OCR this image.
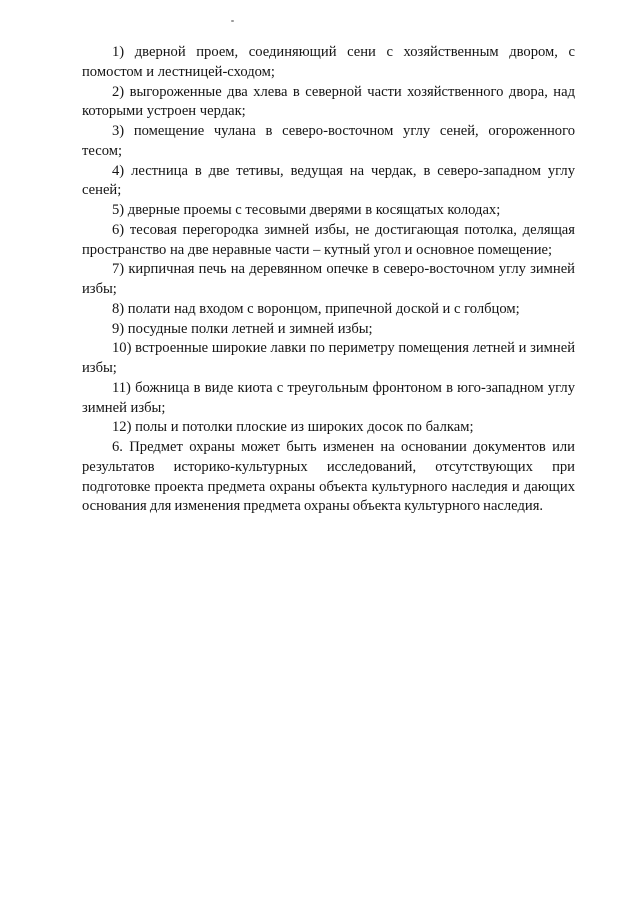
1) дверной проем, соединяющий сени с хозяйственным двором, с помостом и лестницей-сходом;

2) выгороженные два хлева в северной части хозяйственного двора, над которыми устроен чердак;

3) помещение чулана в северо-восточном углу сеней, огороженного тесом;

4) лестница в две тетивы, ведущая на чердак, в северо-западном углу сеней;

5) дверные проемы с тесовыми дверями в косящатых колодах;

6) тесовая перегородка зимней избы, не достигающая потолка, делящая пространство на две неравные части – кутный угол и основное помещение;

7) кирпичная печь на деревянном опечке в северо-восточном углу зимней избы;

8) полати над входом с воронцом, припечной доской и с голбцом;

9) посудные полки летней и зимней избы;

10) встроенные широкие лавки по периметру помещения летней и зимней избы;

11) божница в виде киота с треугольным фронтоном в юго-западном углу зимней избы;

12) полы и потолки плоские из широких досок по балкам;

6. Предмет охраны может быть изменен на основании документов или результатов историко-культурных исследований, отсутствующих при подготовке проекта предмета охраны объекта культурного наследия и дающих основания для изменения предмета охраны объекта культурного наследия.
